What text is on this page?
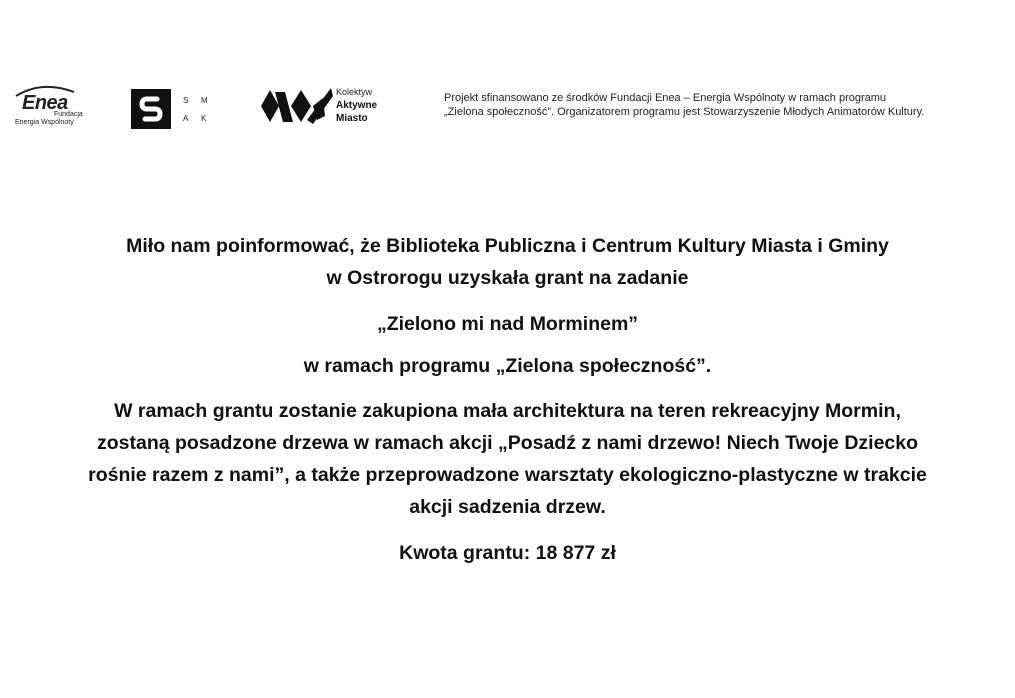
Enea
Fundacja
Energia Wspólnoty
S M
A K
Kolektyw
Aktywne
Miasto
Projekt sfinansowano ze środków Fundacji Enea – Energia Wspólnoty w ramach programu
„Zielona społeczność”. Organizatorem programu jest Stowarzyszenie Młodych Animatorów Kultury.

Miło nam poinformować, że Biblioteka Publiczna i Centrum Kultury Miasta i Gminy

w Ostrorogu uzyskała grant na zadanie

„Zielono mi nad Morminem”

w ramach programu „Zielona społeczność”.

W ramach grantu zostanie zakupiona mała architektura na teren rekreacyjny Mormin,

zostaną posadzone drzewa w ramach akcji „Posadź z nami drzewo! Niech Twoje Dziecko

rośnie razem z nami”, a także przeprowadzone warsztaty ekologiczno-plastyczne w trakcie

akcji sadzenia drzew.

Kwota grantu: 18 877 zł
